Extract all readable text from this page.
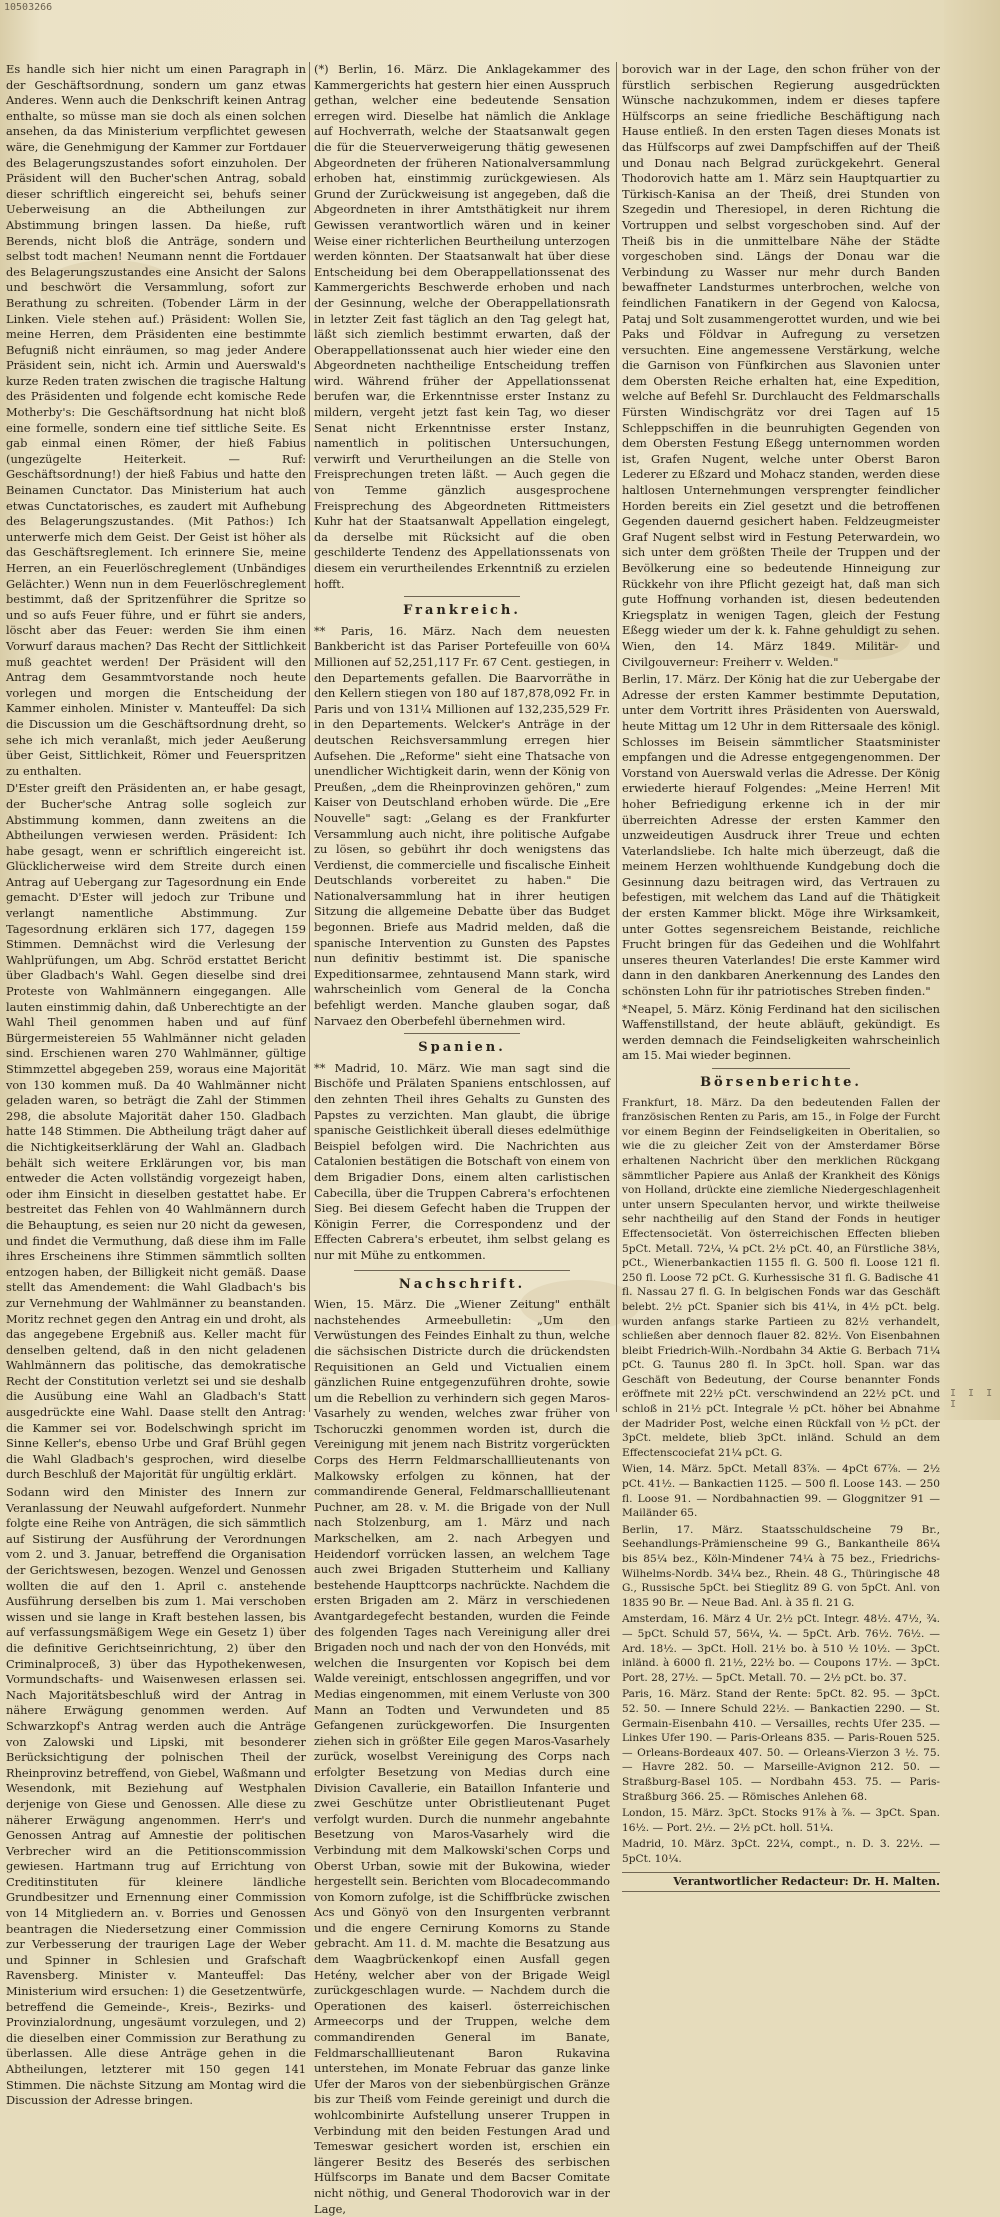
10503266

Es handle sich hier nicht um einen Paragraph in der Geschäftsordnung, sondern um ganz etwas Anderes. Wenn auch die Denkschrift keinen Antrag enthalte, so müsse man sie doch als einen solchen ansehen, da das Ministerium verpflichtet gewesen wäre, die Genehmigung der Kammer zur Fortdauer des Belagerungszustandes sofort einzuholen. Der Präsident will den Bucher'schen Antrag, sobald dieser schriftlich eingereicht sei, behufs seiner Ueberweisung an die Abtheilungen zur Abstimmung bringen lassen. Da hieße, ruft Berends, nicht bloß die Anträge, sondern und selbst todt machen! Neumann nennt die Fortdauer des Belagerungszustandes eine Ansicht der Salons und beschwört die Versammlung, sofort zur Berathung zu schreiten. (Tobender Lärm in der Linken. Viele stehen auf.) Präsident: Wollen Sie, meine Herren, dem Präsidenten eine bestimmte Befugniß nicht einräumen, so mag jeder Andere Präsident sein, nicht ich. Armin und Auerswald's kurze Reden traten zwischen die tragische Haltung des Präsidenten und folgende echt komische Rede Motherby's: Die Geschäftsordnung hat nicht bloß eine formelle, sondern eine tief sittliche Seite. Es gab einmal einen Römer, der hieß Fabius (ungezügelte Heiterkeit. — Ruf: Geschäftsordnung!) der hieß Fabius und hatte den Beinamen Cunctator. Das Ministerium hat auch etwas Cunctatorisches, es zaudert mit Aufhebung des Belagerungszustandes. (Mit Pathos:) Ich unterwerfe mich dem Geist. Der Geist ist höher als das Geschäftsreglement. Ich erinnere Sie, meine Herren, an ein Feuerlöschreglement (Unbändiges Gelächter.) Wenn nun in dem Feuerlöschreglement bestimmt, daß der Spritzenführer die Spritze so und so aufs Feuer führe, und er führt sie anders, löscht aber das Feuer: werden Sie ihm einen Vorwurf daraus machen? Das Recht der Sittlichkeit muß geachtet werden! Der Präsident will den Antrag dem Gesammtvorstande noch heute vorlegen und morgen die Entscheidung der Kammer einholen. Minister v. Manteuffel: Da sich die Discussion um die Geschäftsordnung dreht, so sehe ich mich veranlaßt, mich jeder Aeußerung über Geist, Sittlichkeit, Römer und Feuerspritzen zu enthalten.

D'Ester greift den Präsidenten an, er habe gesagt, der Bucher'sche Antrag solle sogleich zur Abstimmung kommen, dann zweitens an die Abtheilungen verwiesen werden. Präsident: Ich habe gesagt, wenn er schriftlich eingereicht ist. Glücklicherweise wird dem Streite durch einen Antrag auf Uebergang zur Tagesordnung ein Ende gemacht. D'Ester will jedoch zur Tribune und verlangt namentliche Abstimmung. Zur Tagesordnung erklären sich 177, dagegen 159 Stimmen. Demnächst wird die Verlesung der Wahlprüfungen, um Abg. Schröd erstattet Bericht über Gladbach's Wahl. Gegen dieselbe sind drei Proteste von Wahlmännern eingegangen. Alle lauten einstimmig dahin, daß Unberechtigte an der Wahl Theil genommen haben und auf fünf Bürgermeistereien 55 Wahlmänner nicht geladen sind. Erschienen waren 270 Wahlmänner, gültige Stimmzettel abgegeben 259, woraus eine Majorität von 130 kommen muß. Da 40 Wahlmänner nicht geladen waren, so beträgt die Zahl der Stimmen 298, die absolute Majorität daher 150. Gladbach hatte 148 Stimmen. Die Abtheilung trägt daher auf die Nichtigkeitserklärung der Wahl an. Gladbach behält sich weitere Erklärungen vor, bis man entweder die Acten vollständig vorgezeigt haben, oder ihm Einsicht in dieselben gestattet habe. Er bestreitet das Fehlen von 40 Wahlmännern durch die Behauptung, es seien nur 20 nicht da gewesen, und findet die Vermuthung, daß diese ihm im Falle ihres Erscheinens ihre Stimmen sämmtlich sollten entzogen haben, der Billigkeit nicht gemäß. Daase stellt das Amendement: die Wahl Gladbach's bis zur Vernehmung der Wahlmänner zu beanstanden. Moritz rechnet gegen den Antrag ein und droht, als das angegebene Ergebniß aus. Keller macht für denselben geltend, daß in den nicht geladenen Wahlmännern das politische, das demokratische Recht der Constitution verletzt sei und sie deshalb die Ausübung eine Wahl an Gladbach's Statt ausgedrückte eine Wahl. Daase stellt den Antrag: die Kammer sei vor. Bodelschwingh spricht im Sinne Keller's, ebenso Urbe und Graf Brühl gegen die Wahl Gladbach's gesprochen, wird dieselbe durch Beschluß der Majorität für ungültig erklärt.

Sodann wird den Minister des Innern zur Veranlassung der Neuwahl aufgefordert. Nunmehr folgte eine Reihe von Anträgen, die sich sämmtlich auf Sistirung der Ausführung der Verordnungen vom 2. und 3. Januar, betreffend die Organisation der Gerichtswesen, bezogen. Wenzel und Genossen wollten die auf den 1. April c. anstehende Ausführung derselben bis zum 1. Mai verschoben wissen und sie lange in Kraft bestehen lassen, bis auf verfassungsmäßigem Wege ein Gesetz 1) über die definitive Gerichtseinrichtung, 2) über den Criminalproceß, 3) über das Hypothekenwesen, Vormundschafts- und Waisenwesen erlassen sei. Nach Majoritätsbeschluß wird der Antrag in nähere Erwägung genommen werden. Auf Schwarzkopf's Antrag werden auch die Anträge von Zalowski und Lipski, mit besonderer Berücksichtigung der polnischen Theil der Rheinprovinz betreffend, von Giebel, Waßmann und Wesendonk, mit Beziehung auf Westphalen derjenige von Giese und Genossen. Alle diese zu näherer Erwägung angenommen. Herr's und Genossen Antrag auf Amnestie der politischen Verbrecher wird an die Petitionscommission gewiesen. Hartmann trug auf Errichtung von Creditinstituten für kleinere ländliche Grundbesitzer und Ernennung einer Commission von 14 Mitgliedern an. v. Borries und Genossen beantragen die Niedersetzung einer Commission zur Verbesserung der traurigen Lage der Weber und Spinner in Schlesien und Grafschaft Ravensberg. Minister v. Manteuffel: Das Ministerium wird ersuchen: 1) die Gesetzentwürfe, betreffend die Gemeinde-, Kreis-, Bezirks- und Provinzialordnung, ungesäumt vorzulegen, und 2) die dieselben einer Commission zur Berathung zu überlassen. Alle diese Anträge gehen in die Abtheilungen, letzterer mit 150 gegen 141 Stimmen. Die nächste Sitzung am Montag wird die Discussion der Adresse bringen.

(*) Berlin, 16. März. Die Anklagekammer des Kammergerichts hat gestern hier einen Ausspruch gethan, welcher eine bedeutende Sensation erregen wird. Dieselbe hat nämlich die Anklage auf Hochverrath, welche der Staatsanwalt gegen die für die Steuerverweigerung thätig gewesenen Abgeordneten der früheren Nationalversammlung erhoben hat, einstimmig zurückgewiesen. Als Grund der Zurückweisung ist angegeben, daß die Abgeordneten in ihrer Amtsthätigkeit nur ihrem Gewissen verantwortlich wären und in keiner Weise einer richterlichen Beurtheilung unterzogen werden könnten. Der Staatsanwalt hat über diese Entscheidung bei dem Oberappellationssenat des Kammergerichts Beschwerde erhoben und nach der Gesinnung, welche der Oberappellationsrath in letzter Zeit fast täglich an den Tag gelegt hat, läßt sich ziemlich bestimmt erwarten, daß der Oberappellationssenat auch hier wieder eine den Abgeordneten nachtheilige Entscheidung treffen wird. Während früher der Appellationssenat berufen war, die Erkenntnisse erster Instanz zu mildern, vergeht jetzt fast kein Tag, wo dieser Senat nicht Erkenntnisse erster Instanz, namentlich in politischen Untersuchungen, verwirft und Verurtheilungen an die Stelle von Freisprechungen treten läßt. — Auch gegen die von Temme gänzlich ausgesprochene Freisprechung des Abgeordneten Rittmeisters Kuhr hat der Staatsanwalt Appellation eingelegt, da derselbe mit Rücksicht auf die oben geschilderte Tendenz des Appellationssenats von diesem ein verurtheilendes Erkenntniß zu erzielen hofft.

Frankreich.

** Paris, 16. März. Nach dem neuesten Bankbericht ist das Pariser Portefeuille von 60¼ Millionen auf 52,251,117 Fr. 67 Cent. gestiegen, in den Departements gefallen. Die Baarvorräthe in den Kellern stiegen von 180 auf 187,878,092 Fr. in Paris und von 131¼ Millionen auf 132,235,529 Fr. in den Departements. Welcker's Anträge in der deutschen Reichsversammlung erregen hier Aufsehen. Die „Reforme" sieht eine Thatsache von unendlicher Wichtigkeit darin, wenn der König von Preußen, „dem die Rheinprovinzen gehören," zum Kaiser von Deutschland erhoben würde. Die „Ere Nouvelle" sagt: „Gelang es der Frankfurter Versammlung auch nicht, ihre politische Aufgabe zu lösen, so gebührt ihr doch wenigstens das Verdienst, die commercielle und fiscalische Einheit Deutschlands vorbereitet zu haben." Die Nationalversammlung hat in ihrer heutigen Sitzung die allgemeine Debatte über das Budget begonnen. Briefe aus Madrid melden, daß die spanische Intervention zu Gunsten des Papstes nun definitiv bestimmt ist. Die spanische Expeditionsarmee, zehntausend Mann stark, wird wahrscheinlich vom General de la Concha befehligt werden. Manche glauben sogar, daß Narvaez den Oberbefehl übernehmen wird.

Spanien.

** Madrid, 10. März. Wie man sagt sind die Bischöfe und Prälaten Spaniens entschlossen, auf den zehnten Theil ihres Gehalts zu Gunsten des Papstes zu verzichten. Man glaubt, die übrige spanische Geistlichkeit überall dieses edelmüthige Beispiel befolgen wird. Die Nachrichten aus Catalonien bestätigen die Botschaft von einem von dem Brigadier Dons, einem alten carlistischen Cabecilla, über die Truppen Cabrera's erfochtenen Sieg. Bei diesem Gefecht haben die Truppen der Königin Ferrer, die Correspondenz und der Effecten Cabrera's erbeutet, ihm selbst gelang es nur mit Mühe zu entkommen.

Nachschrift.

Wien, 15. März. Die „Wiener Zeitung" enthält nachstehendes Armeebulletin: „Um den Verwüstungen des Feindes Einhalt zu thun, welche die sächsischen Districte durch die drückendsten Requisitionen an Geld und Victualien einem gänzlichen Ruine entgegenzuführen drohte, sowie um die Rebellion zu verhindern sich gegen Maros-Vasarhely zu wenden, welches zwar früher von Tschoruczki genommen worden ist, durch die Vereinigung mit jenem nach Bistritz vorgerückten Corps des Herrn Feldmarschalllieutenants von Malkowsky erfolgen zu können, hat der commandirende General, Feldmarschalllieutenant Puchner, am 28. v. M. die Brigade von der Null nach Stolzenburg, am 1. März und nach Markschelken, am 2. nach Arbegyen und Heidendorf vorrücken lassen, an welchem Tage auch zwei Brigaden Stutterheim und Kalliany bestehende Haupttcorps nachrückte. Nachdem die ersten Brigaden am 2. März in verschiedenen Avantgardegefecht bestanden, wurden die Feinde des folgenden Tages nach Vereinigung aller drei Brigaden noch und nach der von den Honvéds, mit welchen die Insurgenten vor Kopisch bei dem Walde vereinigt, entschlossen angegriffen, und vor Medias eingenommen, mit einem Verluste von 300 Mann an Todten und Verwundeten und 85 Gefangenen zurückgeworfen. Die Insurgenten ziehen sich in größter Eile gegen Maros-Vasarhely zurück, woselbst Vereinigung des Corps nach erfolgter Besetzung von Medias durch eine Division Cavallerie, ein Bataillon Infanterie und zwei Geschütze unter Obristlieutenant Puget verfolgt wurden. Durch die nunmehr angebahnte Besetzung von Maros-Vasarhely wird die Verbindung mit dem Malkowski'schen Corps und Oberst Urban, sowie mit der Bukowina, wieder hergestellt sein. Berichten vom Blocadecommando von Komorn zufolge, ist die Schiffbrücke zwischen Acs und Gönyö von den Insurgenten verbrannt und die engere Cernirung Komorns zu Stande gebracht. Am 11. d. M. machte die Besatzung aus dem Waagbrückenkopf einen Ausfall gegen Hetény, welcher aber von der Brigade Weigl zurückgeschlagen wurde. — Nachdem durch die Operationen des kaiserl. österreichischen Armeecorps und der Truppen, welche dem commandirenden General im Banate, Feldmarschalllieutenant Baron Rukavina unterstehen, im Monate Februar das ganze linke Ufer der Maros von der siebenbürgischen Gränze bis zur Theiß vom Feinde gereinigt und durch die wohlcombinirte Aufstellung unserer Truppen in Verbindung mit den beiden Festungen Arad und Temeswar gesichert worden ist, erschien ein längerer Besitz des Beserés des serbischen Hülfscorps im Banate und dem Bacser Comitate nicht nöthig, und General Thodorovich war in der Lage,

borovich war in der Lage, den schon früher von der fürstlich serbischen Regierung ausgedrückten Wünsche nachzukommen, indem er dieses tapfere Hülfscorps an seine friedliche Beschäftigung nach Hause entließ. In den ersten Tagen dieses Monats ist das Hülfscorps auf zwei Dampfschiffen auf der Theiß und Donau nach Belgrad zurückgekehrt. General Thodorovich hatte am 1. März sein Hauptquartier zu Türkisch-Kanisa an der Theiß, drei Stunden von Szegedin und Theresiopel, in deren Richtung die Vortruppen und selbst vorgeschoben sind. Auf der Theiß bis in die unmittelbare Nähe der Städte vorgeschoben sind. Längs der Donau war die Verbindung zu Wasser nur mehr durch Banden bewaffneter Landsturmes unterbrochen, welche von feindlichen Fanatikern in der Gegend von Kalocsa, Pataj und Solt zusammengerottet wurden, und wie bei Paks und Földvar in Aufregung zu versetzen versuchten. Eine angemessene Verstärkung, welche die Garnison von Fünfkirchen aus Slavonien unter dem Obersten Reiche erhalten hat, eine Expedition, welche auf Befehl Sr. Durchlaucht des Feldmarschalls Fürsten Windischgrätz vor drei Tagen auf 15 Schleppschiffen in die beunruhigten Gegenden von dem Obersten Festung Eßegg unternommen worden ist, Grafen Nugent, welche unter Oberst Baron Lederer zu Eßzard und Mohacz standen, werden diese haltlosen Unternehmungen versprengter feindlicher Horden bereits ein Ziel gesetzt und die betroffenen Gegenden dauernd gesichert haben. Feldzeugmeister Graf Nugent selbst wird in Festung Peterwardein, wo sich unter dem größten Theile der Truppen und der Bevölkerung eine so bedeutende Hinneigung zur Rückkehr von ihre Pflicht gezeigt hat, daß man sich gute Hoffnung vorhanden ist, diesen bedeutenden Kriegsplatz in wenigen Tagen, gleich der Festung Eßegg wieder um der k. k. Fahne gehuldigt zu sehen. Wien, den 14. März 1849. Militär- und Civilgouverneur: Freiherr v. Welden."

Berlin, 17. März. Der König hat die zur Uebergabe der Adresse der ersten Kammer bestimmte Deputation, unter dem Vortritt ihres Präsidenten von Auerswald, heute Mittag um 12 Uhr in dem Rittersaale des königl. Schlosses im Beisein sämmtlicher Staatsminister empfangen und die Adresse entgegengenommen. Der Vorstand von Auerswald verlas die Adresse. Der König erwiederte hierauf Folgendes: „Meine Herren! Mit hoher Befriedigung erkenne ich in der mir überreichten Adresse der ersten Kammer den unzweideutigen Ausdruck ihrer Treue und echten Vaterlandsliebe. Ich halte mich überzeugt, daß die meinem Herzen wohlthuende Kundgebung doch die Gesinnung dazu beitragen wird, das Vertrauen zu befestigen, mit welchem das Land auf die Thätigkeit der ersten Kammer blickt. Möge ihre Wirksamkeit, unter Gottes segensreichem Beistande, reichliche Frucht bringen für das Gedeihen und die Wohlfahrt unseres theuren Vaterlandes! Die erste Kammer wird dann in den dankbaren Anerkennung des Landes den schönsten Lohn für ihr patriotisches Streben finden."

*Neapel, 5. März. König Ferdinand hat den sicilischen Waffenstillstand, der heute abläuft, gekündigt. Es werden demnach die Feindseligkeiten wahrscheinlich am 15. Mai wieder beginnen.

Börsenberichte.

Frankfurt, 18. März. Da den bedeutenden Fallen der französischen Renten zu Paris, am 15., in Folge der Furcht vor einem Beginn der Feindseligkeiten in Oberitalien, so wie die zu gleicher Zeit von der Amsterdamer Börse erhaltenen Nachricht über den merklichen Rückgang sämmtlicher Papiere aus Anlaß der Krankheit des Königs von Holland, drückte eine ziemliche Niedergeschlagenheit unter unsern Speculanten hervor, und wirkte theilweise sehr nachtheilig auf den Stand der Fonds in heutiger Effectensocietät. Von österreichischen Effecten blieben 5pCt. Metall. 72¼, ¼ pCt. 2½ pCt. 40, an Fürstliche 38⅓, pCt., Wienerbankactien 1155 fl. G. 500 fl. Loose 121 fl. 250 fl. Loose 72 pCt. G. Kurhessische 31 fl. G. Badische 41 fl. Nassau 27 fl. G. In belgischen Fonds war das Geschäft belebt. 2½ pCt. Spanier sich bis 41¼, in 4½ pCt. belg. wurden anfangs starke Partieen zu 82½ verhandelt, schließen aber dennoch flauer 82. 82½. Von Eisenbahnen bleibt Friedrich-Wilh.-Nordbahn 34 Aktie G. Berbach 71¼ pCt. G. Taunus 280 fl. In 3pCt. holl. Span. war das Geschäft von Bedeutung, der Course benannter Fonds eröffnete mit 22½ pCt. verschwindend an 22½ pCt. und schloß in 21½ pCt. Integrale ½ pCt. höher bei Abnahme der Madrider Post, welche einen Rückfall von ½ pCt. der 3pCt. meldete, blieb 3pCt. inländ. Schuld an dem Effectenscociefat 21¼ pCt. G.

Wien, 14. März. 5pCt. Metall 83⅞. — 4pCt 67⅞. — 2½ pCt. 41½. — Bankactien 1125. — 500 fl. Loose 143. — 250 fl. Loose 91. — Nordbahnactien 99. — Gloggnitzer 91 — Mailänder 65.

Berlin, 17. März. Staatsschuldscheine 79 Br., Seehandlungs-Prämienscheine 99 G., Bankantheile 86¼ bis 85¼ bez., Köln-Mindener 74¼ à 75 bez., Friedrichs-Wilhelms-Nordb. 34¼ bez., Rhein. 48 G., Thüringische 48 G., Russische 5pCt. bei Stieglitz 89 G. von 5pCt. Anl. von 1835 90 Br. — Neue Bad. Anl. à 35 fl. 21 G.

Amsterdam, 16. März 4 Ur. 2½ pCt. Integr. 48½. 47½, ¾. — 5pCt. Schuld 57, 56¼, ¼. — 5pCt. Arb. 76½. 76½. — Ard. 18½. — 3pCt. Holl. 21½ bo. à 510 ½ 10½. — 3pCt. inländ. à 6000 fl. 21½, 22½ bo. — Coupons 17½. — 3pCt. Port. 28, 27½. — 5pCt. Metall. 70. — 2½ pCt. bo. 37.

Paris, 16. März. Stand der Rente: 5pCt. 82. 95. — 3pCt. 52. 50. — Innere Schuld 22½. — Bankactien 2290. — St. Germain-Eisenbahn 410. — Versailles, rechts Ufer 235. — Linkes Ufer 190. — Paris-Orleans 835. — Paris-Rouen 525. — Orleans-Bordeaux 407. 50. — Orleans-Vierzon 3 ½. 75. — Havre 282. 50. — Marseille-Avignon 212. 50. — Straßburg-Basel 105. — Nordbahn 453. 75. — Paris-Straßburg 366. 25. — Römisches Anlehen 68.

London, 15. März. 3pCt. Stocks 91⅞ à ⅞. — 3pCt. Span. 16½. — Port. 2½. — 2½ pCt. holl. 51¼.

Madrid, 10. März. 3pCt. 22¼, compt., n. D. 3. 22½. — 5pCt. 10¼.

Verantwortlicher Redacteur: Dr. H. Malten.

I I I I
